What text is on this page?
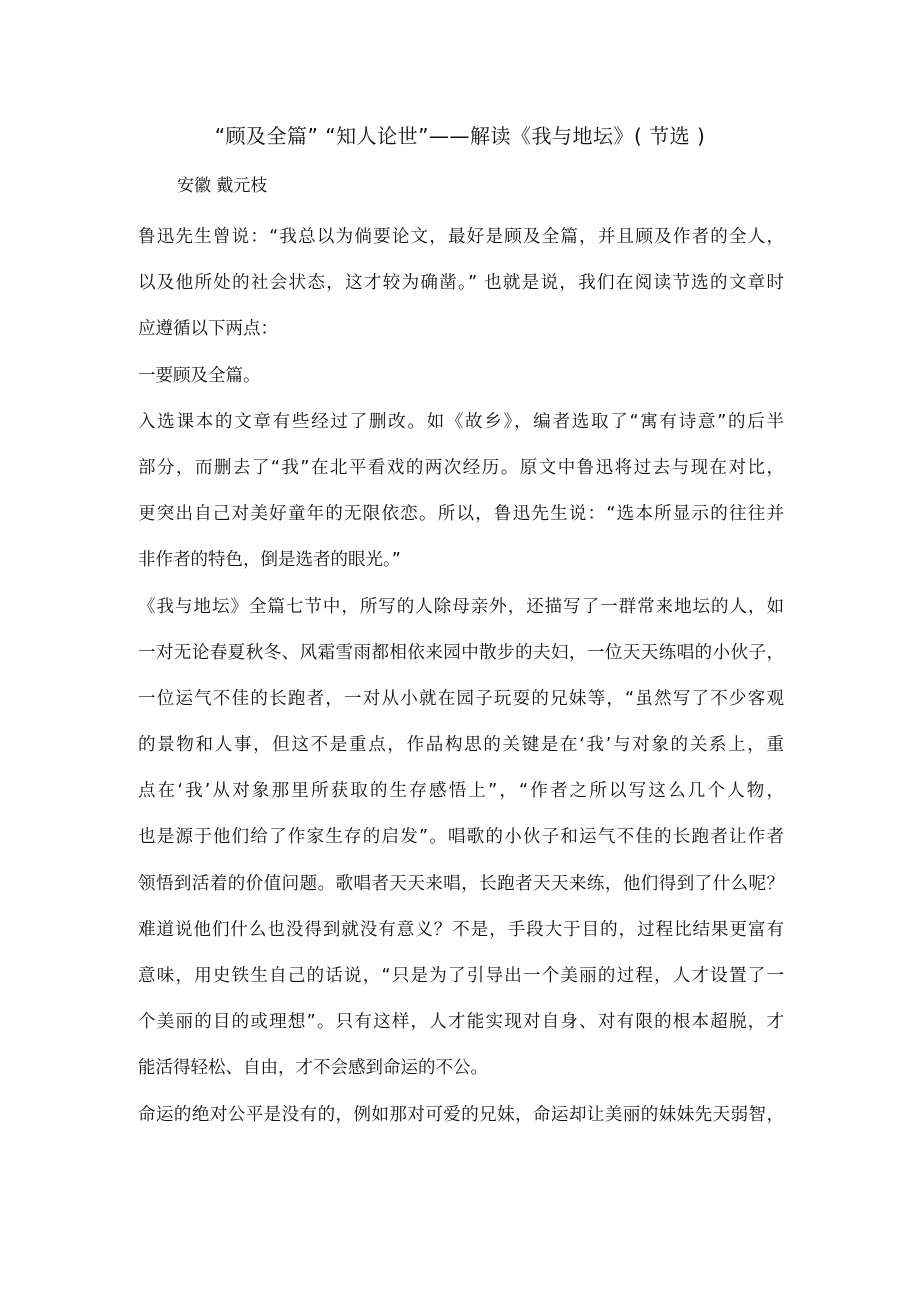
“顾及全篇” “知人论世”——解读《我与地坛》( 节选 )
安徽 戴元枝
鲁迅先生曾说：“我总以为倘要论文，最好是顾及全篇，并且顾及作者的全人，
以及他所处的社会状态，这才较为确凿。” 也就是说，我们在阅读节选的文章时
应遵循以下两点：
一要顾及全篇。
入选课本的文章有些经过了删改。如《故乡》，编者选取了“寓有诗意”的后半
部分，而删去了“我”在北平看戏的两次经历。原文中鲁迅将过去与现在对比，
更突出自己对美好童年的无限依恋。所以，鲁迅先生说：“选本所显示的往往并
非作者的特色，倒是选者的眼光。”
《我与地坛》全篇七节中，所写的人除母亲外，还描写了一群常来地坛的人，如
一对无论春夏秋冬、风霜雪雨都相依来园中散步的夫妇，一位天天练唱的小伙子，
一位运气不佳的长跑者，一对从小就在园子玩耍的兄妹等，“虽然写了不少客观
的景物和人事，但这不是重点，作品构思的关键是在‘我’与对象的关系上，重
点在‘我’从对象那里所获取的生存感悟上”，“作者之所以写这么几个人物，
也是源于他们给了作家生存的启发”。唱歌的小伙子和运气不佳的长跑者让作者
领悟到活着的价值问题。歌唱者天天来唱，长跑者天天来练，他们得到了什么呢？
难道说他们什么也没得到就没有意义？不是，手段大于目的，过程比结果更富有
意味，用史铁生自己的话说，“只是为了引导出一个美丽的过程，人才设置了一
个美丽的目的或理想”。只有这样，人才能实现对自身、对有限的根本超脱，才
能活得轻松、自由，才不会感到命运的不公。
命运的绝对公平是没有的，例如那对可爱的兄妹，命运却让美丽的妹妹先天弱智，
